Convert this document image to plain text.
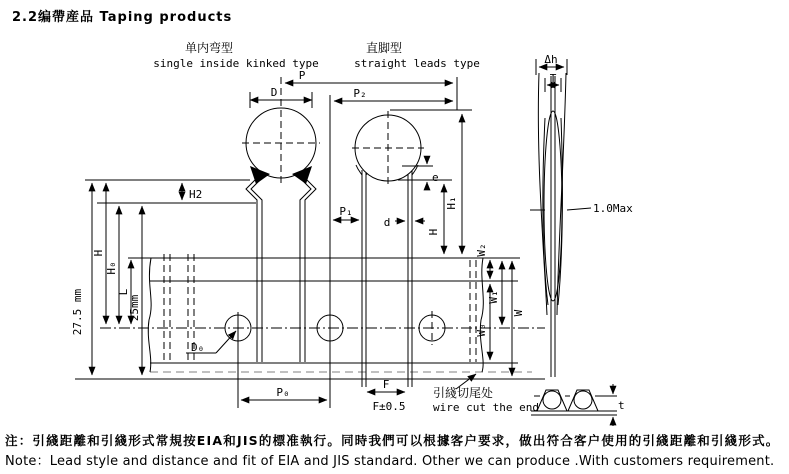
2.2编帶産品 Taping products
P
P₂
D
H2
27.5 mm
H
H₀
L
25mm
P₁
d
e
H
H₁
W₂
W₀
W₁
W
D₀
P₀
F
F±0.5
引綫切尾处
wire cut the end
Δh
T
1.0Max
t
单内弯型
single inside kinked type
直脚型
straight leads type
注：引綫距離和引綫形式常規按EIA和JIS的標准執行。同時我們可以根據客户要求，做出符合客户使用的引綫距離和引綫形式。
Note：Lead style and distance and fit of EIA and JIS standard. Other we can produce .With customers requirement.
